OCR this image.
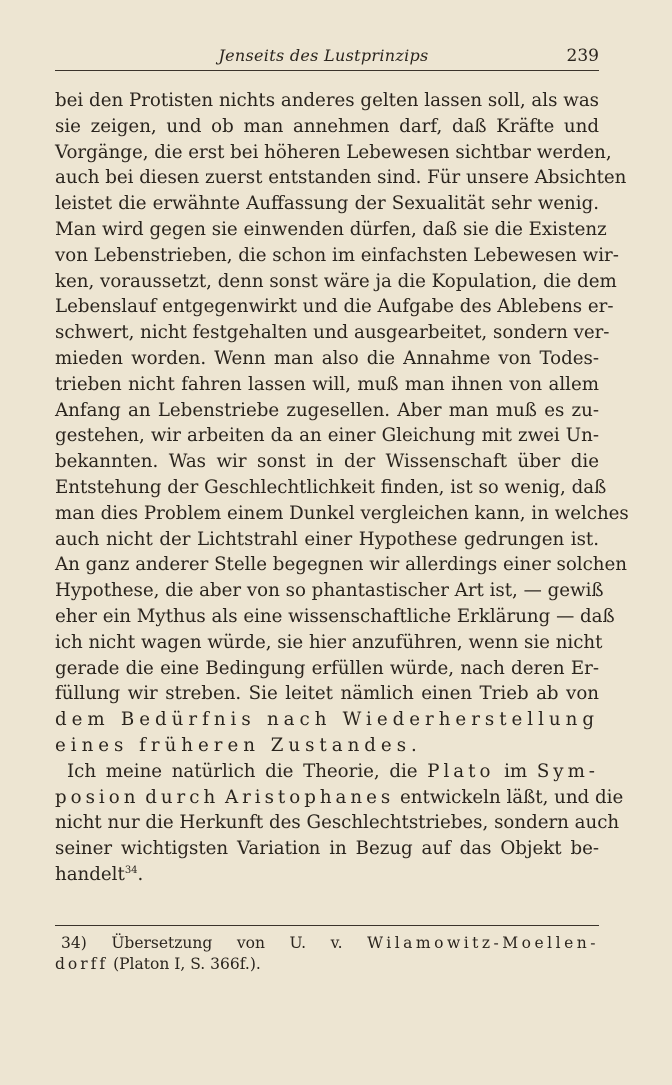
Jenseits des Lustprinzips	239
bei den Protisten nichts anderes gelten lassen soll, als was
sie zeigen, und ob man annehmen darf, daß Kräfte und
Vorgänge, die erst bei höheren Lebewesen sichtbar werden,
auch bei diesen zuerst entstanden sind. Für unsere Absichten
leistet die erwähnte Auffassung der Sexualität sehr wenig.
Man wird gegen sie einwenden dürfen, daß sie die Existenz
von Lebenstrieben, die schon im einfachsten Lebewesen wir-
ken, voraussetzt, denn sonst wäre ja die Kopulation, die dem
Lebenslauf entgegenwirkt und die Aufgabe des Ablebens er-
schwert, nicht festgehalten und ausgearbeitet, sondern ver-
mieden worden. Wenn man also die Annahme von Todes-
trieben nicht fahren lassen will, muß man ihnen von allem
Anfang an Lebenstriebe zugesellen. Aber man muß es zu-
gestehen, wir arbeiten da an einer Gleichung mit zwei Un-
bekannten. Was wir sonst in der Wissenschaft über die
Entstehung der Geschlechtlichkeit finden, ist so wenig, daß
man dies Problem einem Dunkel vergleichen kann, in welches
auch nicht der Lichtstrahl einer Hypothese gedrungen ist.
An ganz anderer Stelle begegnen wir allerdings einer solchen
Hypothese, die aber von so phantastischer Art ist, — gewiß
eher ein Mythus als eine wissenschaftliche Erklärung — daß
ich nicht wagen würde, sie hier anzuführen, wenn sie nicht
gerade die eine Bedingung erfüllen würde, nach deren Er-
füllung wir streben. Sie leitet nämlich einen Trieb ab von
dem Bedürfnis nach Wiederherstellung
eines früheren Zustandes.
Ich meine natürlich die Theorie, die Plato im Sym-
posion durch Aristophanes entwickeln läßt, und die
nicht nur die Herkunft des Geschlechtstriebes, sondern auch
seiner wichtigsten Variation in Bezug auf das Objekt be-
handelt$^{34}$.
34) Übersetzung von U. v. Wilamowitz-Moellen-
dorff (Platon I, S. 366f.).
